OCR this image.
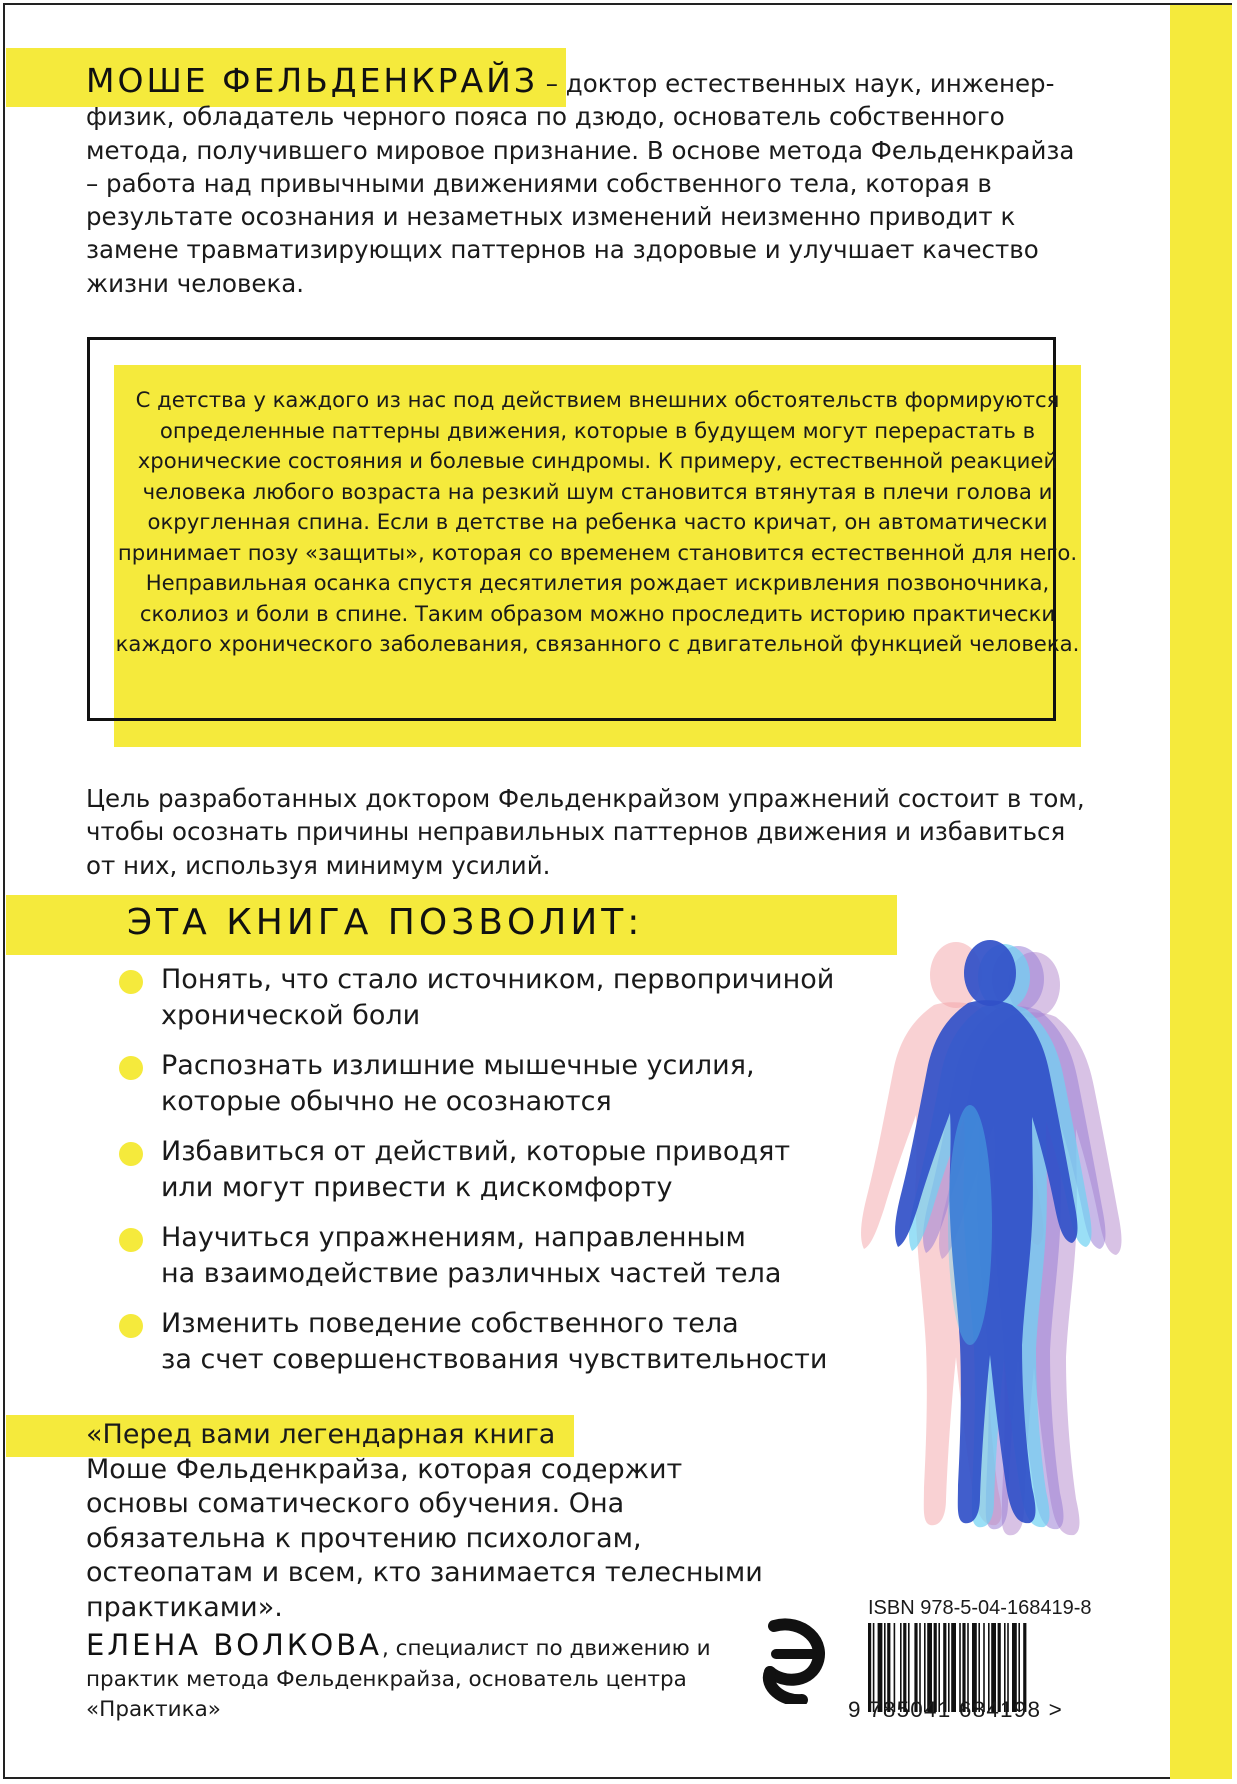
МОШЕ ФЕЛЬДЕНКРАЙЗ – доктор естественных наук, инженер-физик, обладатель черного пояса по дзюдо, основатель собственного метода, получившего мировое признание. В основе метода Фельденкрайза – работа над привычными движениями собственного тела, которая в результате осознания и незаметных изменений неизменно приводит к замене травматизирующих паттернов на здоровые и улучшает качество жизни человека.
С детства у каждого из нас под действием внешних обстоятельств формируются определенные паттерны движения, которые в будущем могут перерастать в хронические состояния и болевые синдромы. К примеру, естественной реакцией человека любого возраста на резкий шум становится втянутая в плечи голова и округленная спина. Если в детстве на ребенка часто кричат, он автоматически принимает позу «защиты», которая со временем становится естественной для него. Неправильная осанка спустя десятилетия рождает искривления позвоночника, сколиоз и боли в спине. Таким образом можно проследить историю практически каждого хронического заболевания, связанного с двигательной функцией человека.
Цель разработанных доктором Фельденкрайзом упражнений состоит в том, чтобы осознать причины неправильных паттернов движения и избавиться от них, используя минимум усилий.
ЭТА КНИГА ПОЗВОЛИТ:
Понять, что стало источником, первопричиной
хронической боли
Распознать излишние мышечные усилия,
которые обычно не осознаются
Избавиться от действий, которые приводят
или могут привести к дискомфорту
Научиться упражнениям, направленным
на взаимодействие различных частей тела
Изменить поведение собственного тела
за счет совершенствования чувствительности
«Перед вами легендарная книга
Моше Фельденкрайза, которая содержит основы соматического обучения. Она обязательна к прочтению психологам, остеопатам и всем, кто занимается телесными практиками».
ЕЛЕНА ВОЛКОВА, специалист по движению и практик метода Фельденкрайза, основатель центра «Практика»
ISBN 978-5-04-168419-8
9 785041 684198 >
